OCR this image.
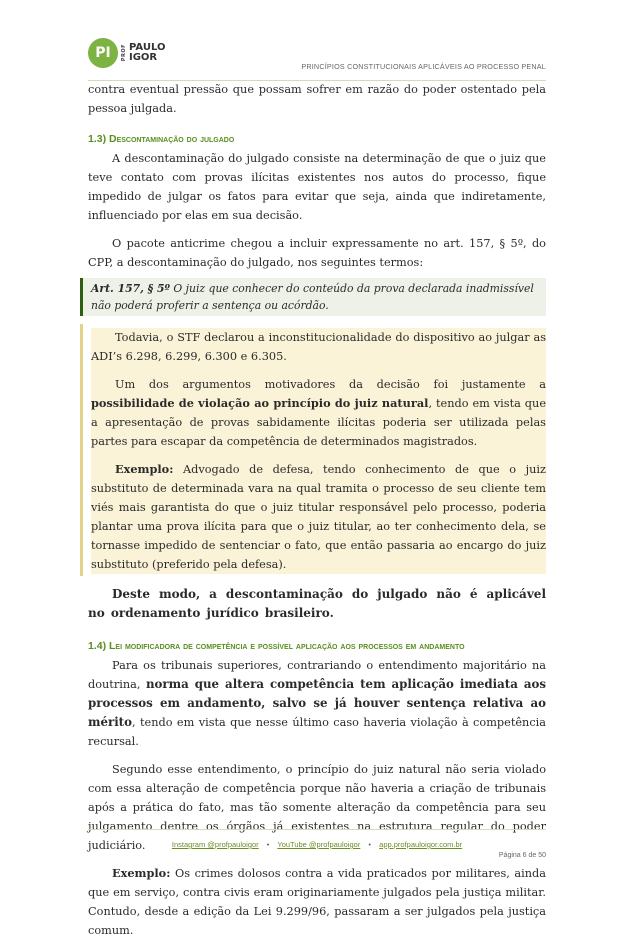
PI	PROF PAULO
IGOR
PRINCÍPIOS CONSTITUCIONAIS APLICÁVEIS AO PROCESSO PENAL

contra eventual pressão que possam sofrer em razão do poder ostentado pela pessoa julgada.

1.3) Descontaminação do julgado

A descontaminação do julgado consiste na determinação de que o juiz que teve contato com provas ilícitas existentes nos autos do processo, fique impedido de julgar os fatos para evitar que seja, ainda que indiretamente, influenciado por elas em sua decisão.

O pacote anticrime chegou a incluir expressamente no art. 157, § 5º, do CPP, a descontaminação do julgado, nos seguintes termos:

Art. 157, § 5º O juiz que conhecer do conteúdo da prova declarada inadmissível não poderá proferir a sentença ou acórdão.

Todavia, o STF declarou a inconstitucionalidade do dispositivo ao julgar as ADI’s 6.298, 6.299, 6.300 e 6.305.

Um dos argumentos motivadores da decisão foi justamente a possibilidade de violação ao princípio do juiz natural, tendo em vista que a apresentação de provas sabidamente ilícitas poderia ser utilizada pelas partes para escapar da competência de determinados magistrados.

Exemplo: Advogado de defesa, tendo conhecimento de que o juiz substituto de determinada vara na qual tramita o processo de seu cliente tem viés mais garantista do que o juiz titular responsável pelo processo, poderia plantar uma prova ilícita para que o juiz titular, ao ter conhecimento dela, se tornasse impedido de sentenciar o fato, que então passaria ao encargo do juiz substituto (preferido pela defesa).

Deste modo, a descontaminação do julgado não é aplicável no ordenamento jurídico brasileiro.

1.4) Lei modificadora de competência e possível aplicação aos processos em andamento

Para os tribunais superiores, contrariando o entendimento majoritário na doutrina, norma que altera competência tem aplicação imediata aos processos em andamento, salvo se já houver sentença relativa ao mérito, tendo em vista que nesse último caso haveria violação à competência recursal.

Segundo esse entendimento, o princípio do juiz natural não seria violado com essa alteração de competência porque não haveria a criação de tribunais após a prática do fato, mas tão somente alteração da competência para seu julgamento dentre os órgãos já existentes na estrutura regular do poder judiciário.

Exemplo: Os crimes dolosos contra a vida praticados por militares, ainda que em serviço, contra civis eram originariamente julgados pela justiça militar. Contudo, desde a edição da Lei 9.299/96, passaram a ser julgados pela justiça comum.

Instagram @profpauloigor • YouTube @profpauloigor • app.profpauloigor.com.br
Página 6 de 50
